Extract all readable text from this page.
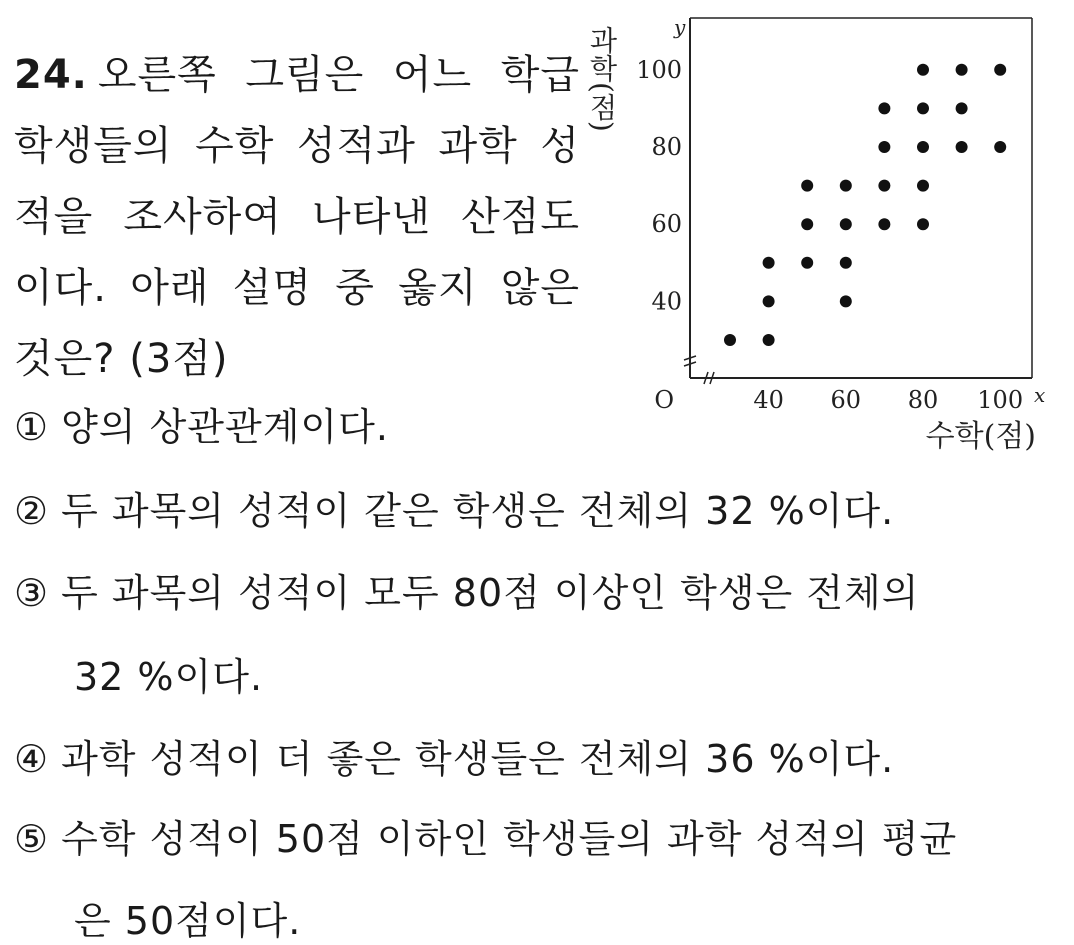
24. 오른쪽 그림은 어느 학급
학생들의 수학 성적과 과학 성
적을 조사하여 나타낸 산점도
이다. 아래 설명 중 옳지 않은
것은? (3점)
40 60 80 100
40
60
80
100
O	x
y
수학(점)
과학(점)
① 양의 상관관계이다.
② 두 과목의 성적이 같은 학생은 전체의 32 %이다.
③ 두 과목의 성적이 모두 80점 이상인 학생은 전체의
32 %이다.
④ 과학 성적이 더 좋은 학생들은 전체의 36 %이다.
⑤ 수학 성적이 50점 이하인 학생들의 과학 성적의 평균
은 50점이다.
